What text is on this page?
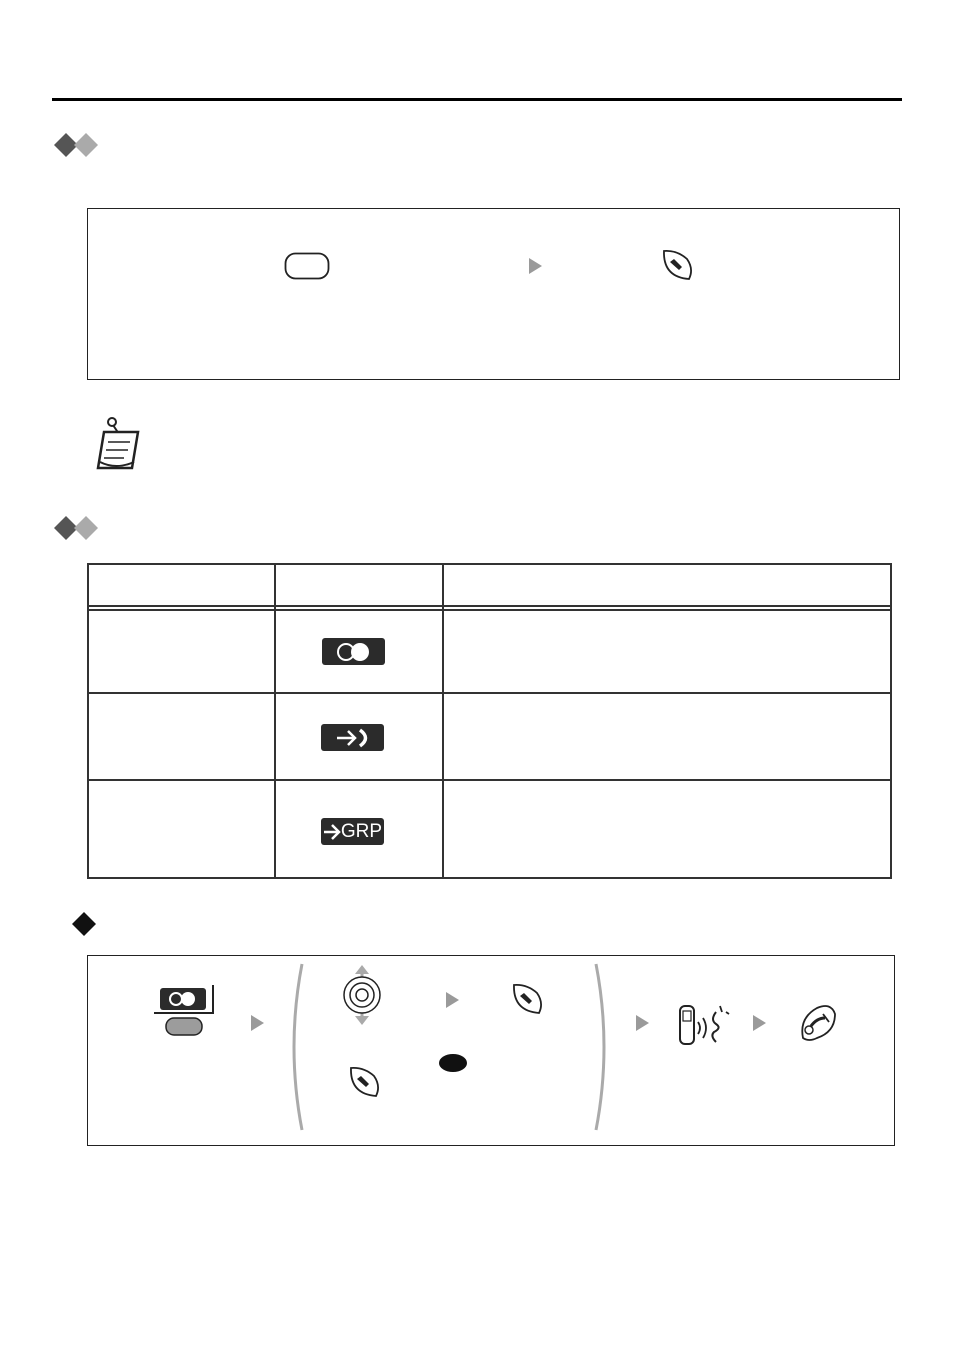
GRP
